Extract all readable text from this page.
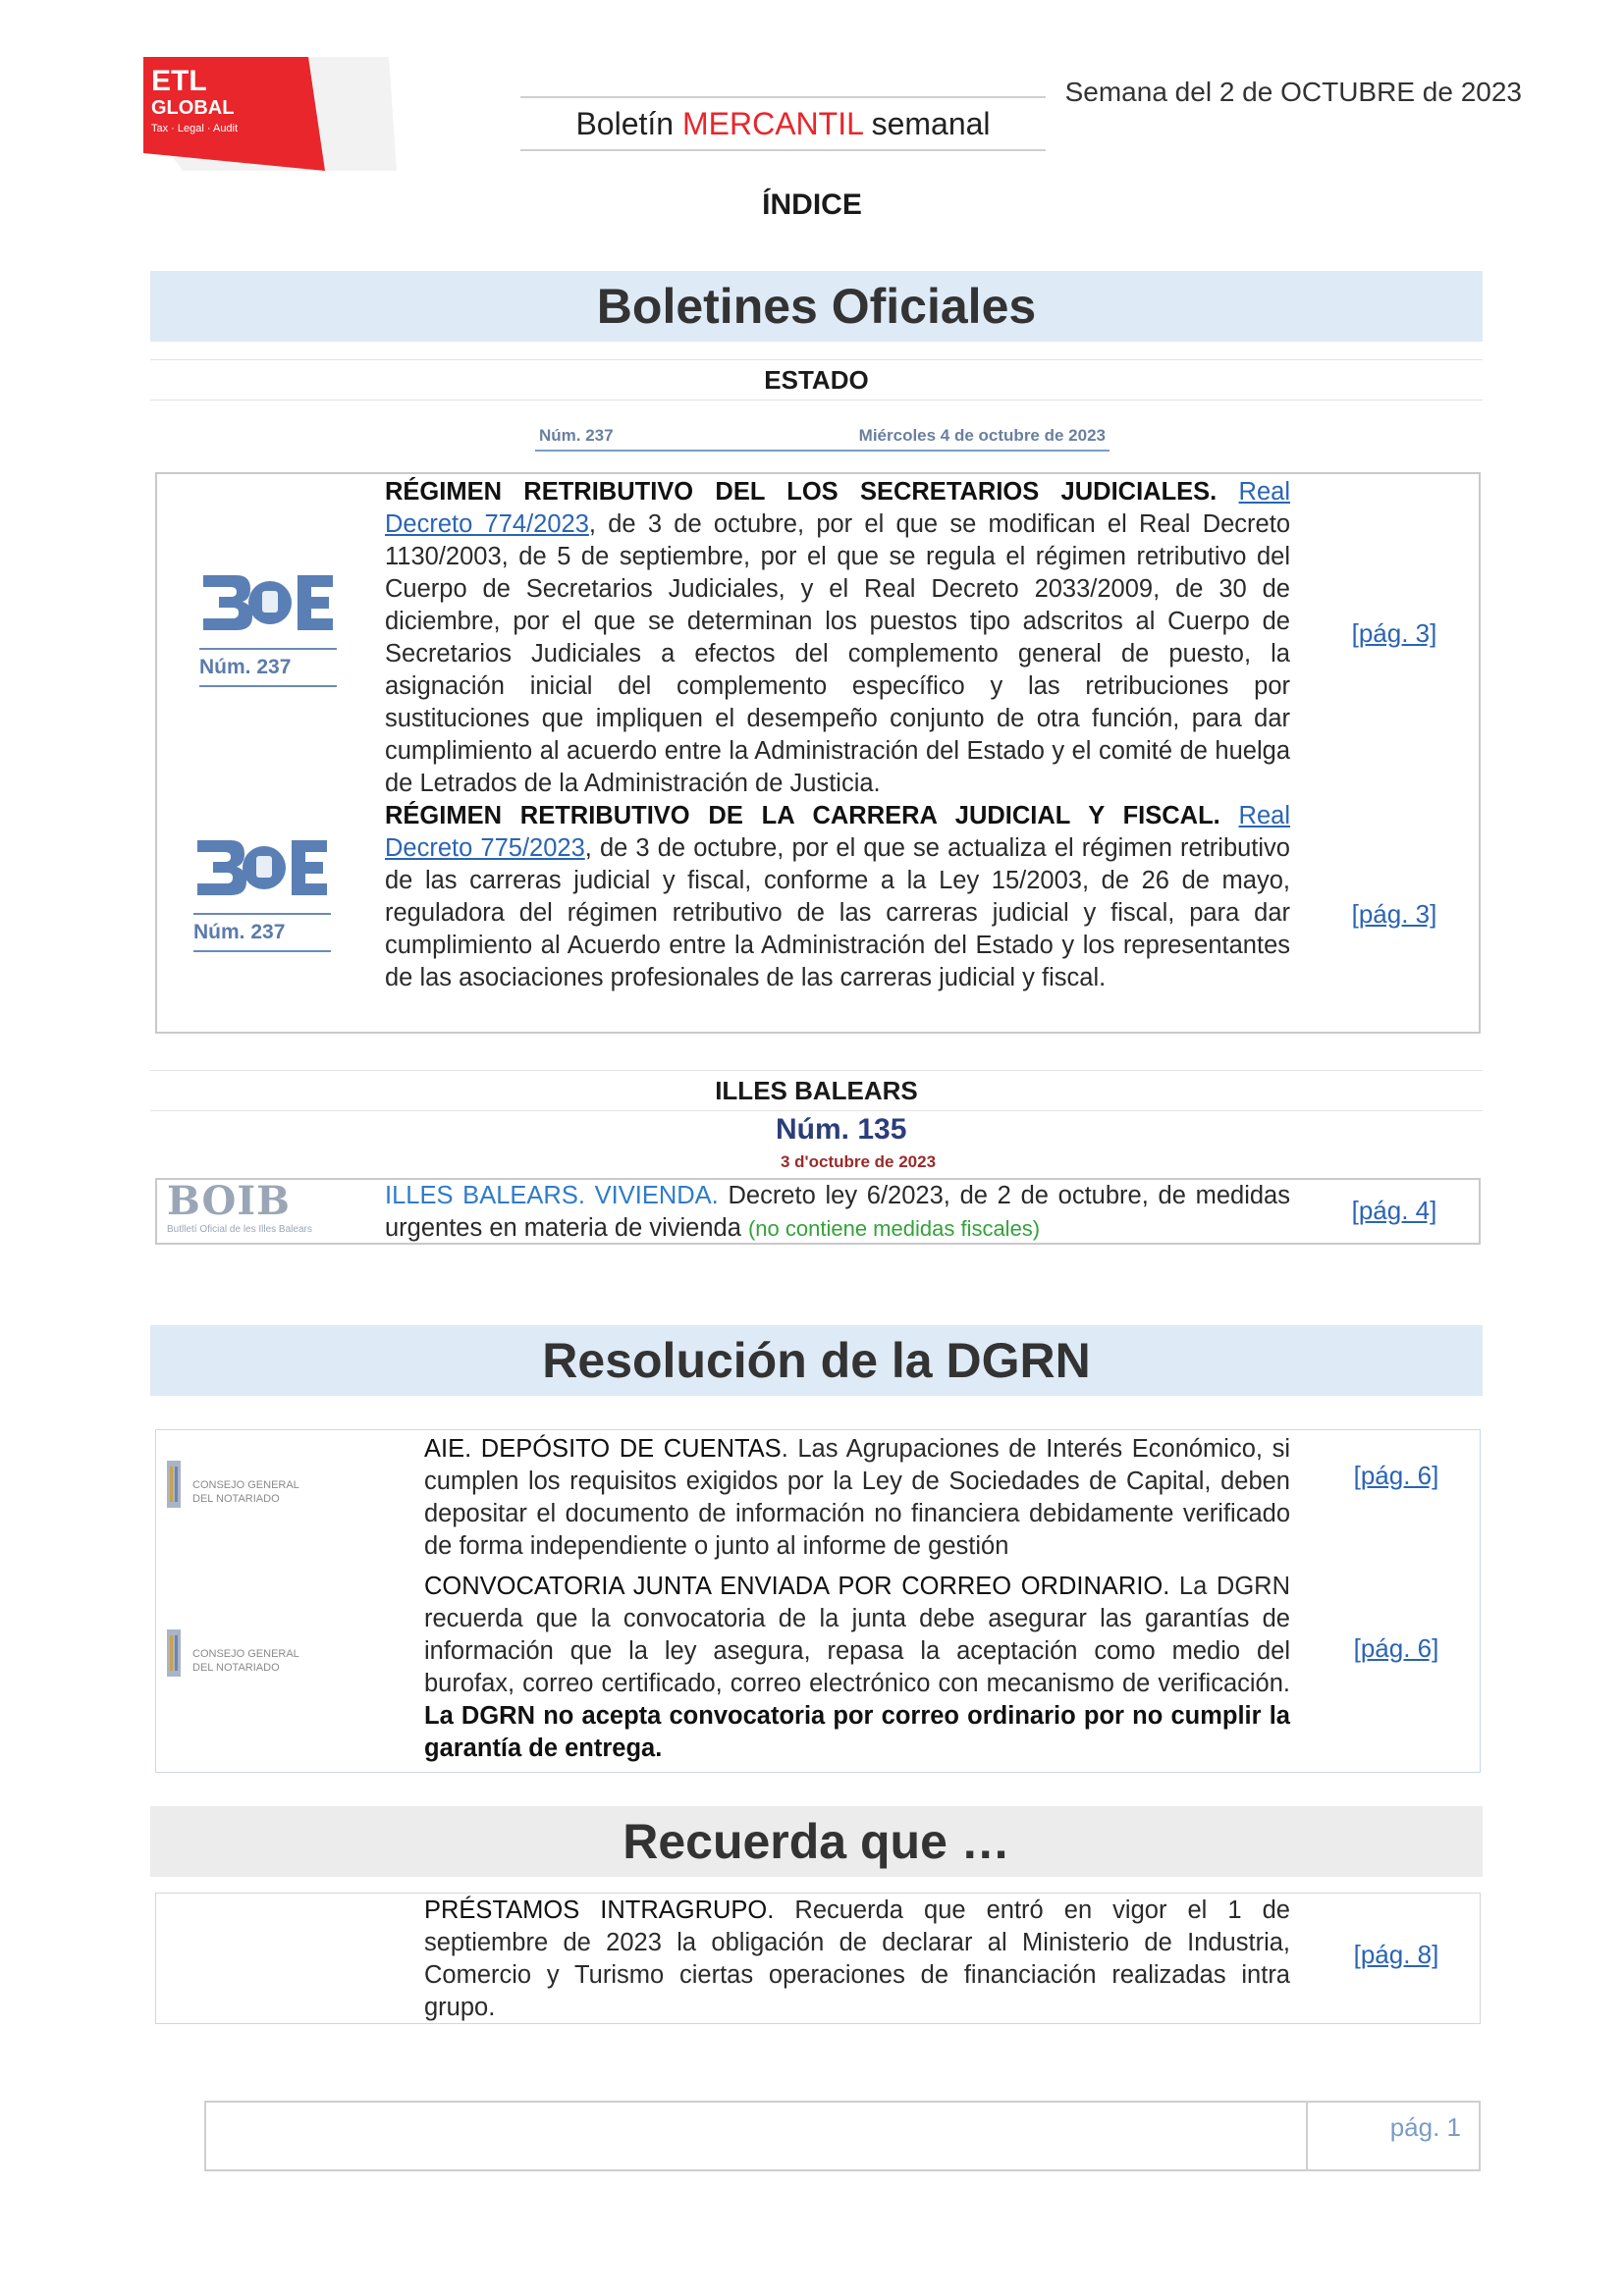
ETL
GLOBAL
Tax · Legal · Audit	Boletín MERCANTIL semanal
Semana del 2 de OCTUBRE de 2023
ÍNDICE
Boletines Oficiales
ESTADO
Núm. 237	Miércoles 4 de octubre de 2023
Núm. 237
Núm. 237
RÉGIMEN RETRIBUTIVO DEL LOS SECRETARIOS JUDICIALES. Real Decreto 774/2023, de 3 de octubre, por el que se modifican el Real Decreto 1130/2003, de 5 de septiembre, por el que se regula el régimen retributivo del Cuerpo de Secretarios Judiciales, y el Real Decreto 2033/2009, de 30 de diciembre, por el que se determinan los puestos tipo adscritos al Cuerpo de Secretarios Judiciales a efectos del complemento general de puesto, la asignación inicial del complemento específico y las retribuciones por sustituciones que impliquen el desempeño conjunto de otra función, para dar cumplimiento al acuerdo entre la Administración del Estado y el comité de huelga de Letrados de la Administración de Justicia.
[pág. 3]
RÉGIMEN RETRIBUTIVO DE LA CARRERA JUDICIAL Y FISCAL. Real Decreto 775/2023, de 3 de octubre, por el que se actualiza el régimen retributivo de las carreras judicial y fiscal, conforme a la Ley 15/2003, de 26 de mayo, reguladora del régimen retributivo de las carreras judicial y fiscal, para dar cumplimiento al Acuerdo entre la Administración del Estado y los representantes de las asociaciones profesionales de las carreras judicial y fiscal.
[pág. 3]
ILLES BALEARS
Núm. 135
3 d'octubre de 2023
BOIB
Butlletí Oficial de les Illes Balears
ILLES BALEARS. VIVIENDA. Decreto ley 6/2023, de 2 de octubre, de medidas urgentes en materia de vivienda (no contiene medidas fiscales)
[pág. 4]
Resolución de la DGRN
CONSEJO GENERAL
DEL NOTARIADO
CONSEJO GENERAL
DEL NOTARIADO
AIE. DEPÓSITO DE CUENTAS. Las Agrupaciones de Interés Económico, si cumplen los requisitos exigidos por la Ley de Sociedades de Capital, deben depositar el documento de información no financiera debidamente verificado de forma independiente o junto al informe de gestión
[pág. 6]
CONVOCATORIA JUNTA ENVIADA POR CORREO ORDINARIO. La DGRN recuerda que la convocatoria de la junta debe asegurar las garantías de información que la ley asegura, repasa la aceptación como medio del burofax, correo certificado, correo electrónico con mecanismo de verificación. La DGRN no acepta convocatoria por correo ordinario por no cumplir la garantía de entrega.
[pág. 6]
Recuerda que …
PRÉSTAMOS INTRAGRUPO. Recuerda que entró en vigor el 1 de septiembre de 2023 la obligación de declarar al Ministerio de Industria, Comercio y Turismo ciertas operaciones de financiación realizadas intra grupo.
[pág. 8]
pág. 1
